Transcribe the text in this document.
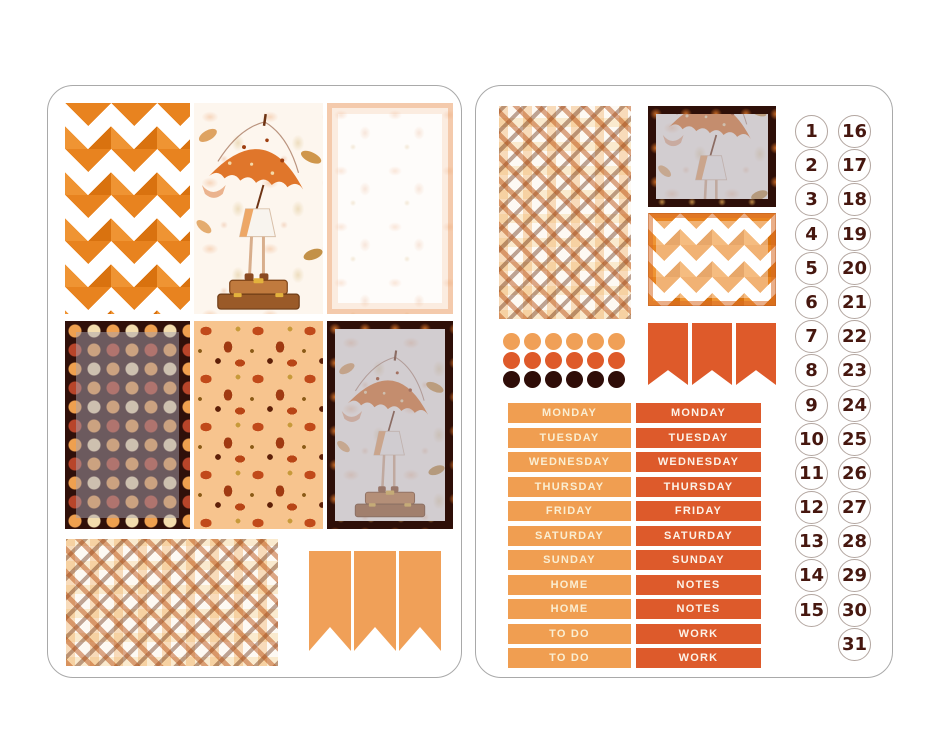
MONDAY
TUESDAY
WEDNESDAY
THURSDAY
FRIDAY
SATURDAY
SUNDAY
HOME
HOME
TO DO
TO DO
MONDAY
TUESDAY
WEDNESDAY
THURSDAY
FRIDAY
SATURDAY
SUNDAY
NOTES
NOTES
WORK
WORK
1
2
3
4
5
6
7
8
9
10
11
12
13
14
15
16
17
18
19
20
21
22
23
24
25
26
27
28
29
30
31
